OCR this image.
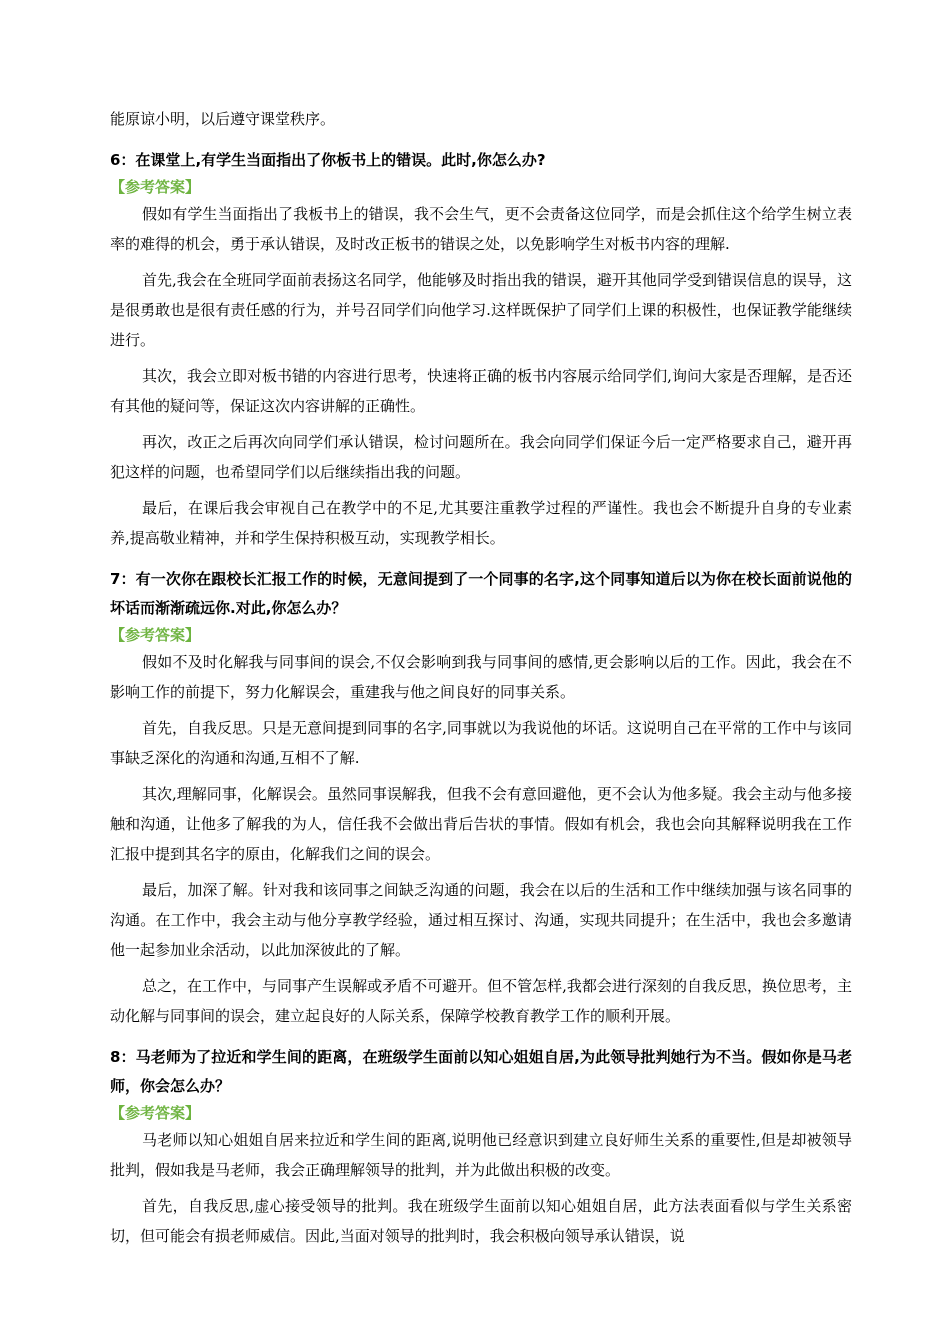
能原谅小明，以后遵守课堂秩序。

6：在课堂上,有学生当面指出了你板书上的错误。此时,你怎么办?

【参考答案】

假如有学生当面指出了我板书上的错误，我不会生气，更不会责备这位同学，而是会抓住这个给学生树立表率的难得的机会，勇于承认错误，及时改正板书的错误之处，以免影响学生对板书内容的理解.

首先,我会在全班同学面前表扬这名同学，他能够及时指出我的错误，避开其他同学受到错误信息的误导，这是很勇敢也是很有责任感的行为，并号召同学们向他学习.这样既保护了同学们上课的积极性，也保证教学能继续进行。

其次，我会立即对板书错的内容进行思考，快速将正确的板书内容展示给同学们,询问大家是否理解，是否还有其他的疑问等，保证这次内容讲解的正确性。

再次，改正之后再次向同学们承认错误，检讨问题所在。我会向同学们保证今后一定严格要求自己，避开再犯这样的问题，也希望同学们以后继续指出我的问题。

最后，在课后我会审视自己在教学中的不足,尤其要注重教学过程的严谨性。我也会不断提升自身的专业素养,提高敬业精神，并和学生保持积极互动，实现教学相长。

7：有一次你在跟校长汇报工作的时候，无意间提到了一个同事的名字,这个同事知道后以为你在校长面前说他的坏话而渐渐疏远你.对此,你怎么办？

【参考答案】

假如不及时化解我与同事间的误会,不仅会影响到我与同事间的感情,更会影响以后的工作。因此，我会在不影响工作的前提下，努力化解误会，重建我与他之间良好的同事关系。

首先，自我反思。只是无意间提到同事的名字,同事就以为我说他的坏话。这说明自己在平常的工作中与该同事缺乏深化的沟通和沟通,互相不了解.

其次,理解同事，化解误会。虽然同事误解我，但我不会有意回避他，更不会认为他多疑。我会主动与他多接触和沟通，让他多了解我的为人，信任我不会做出背后告状的事情。假如有机会，我也会向其解释说明我在工作汇报中提到其名字的原由，化解我们之间的误会。

最后，加深了解。针对我和该同事之间缺乏沟通的问题，我会在以后的生活和工作中继续加强与该名同事的沟通。在工作中，我会主动与他分享教学经验，通过相互探讨、沟通，实现共同提升；在生活中，我也会多邀请他一起参加业余活动，以此加深彼此的了解。

总之，在工作中，与同事产生误解或矛盾不可避开。但不管怎样,我都会进行深刻的自我反思，换位思考，主动化解与同事间的误会，建立起良好的人际关系，保障学校教育教学工作的顺利开展。

8：马老师为了拉近和学生间的距离，在班级学生面前以知心姐姐自居,为此领导批判她行为不当。假如你是马老师，你会怎么办？

【参考答案】

马老师以知心姐姐自居来拉近和学生间的距离,说明他已经意识到建立良好师生关系的重要性,但是却被领导批判，假如我是马老师，我会正确理解领导的批判，并为此做出积极的改变。

首先，自我反思,虚心接受领导的批判。我在班级学生面前以知心姐姐自居，此方法表面看似与学生关系密切，但可能会有损老师威信。因此,当面对领导的批判时，我会积极向领导承认错误，说
